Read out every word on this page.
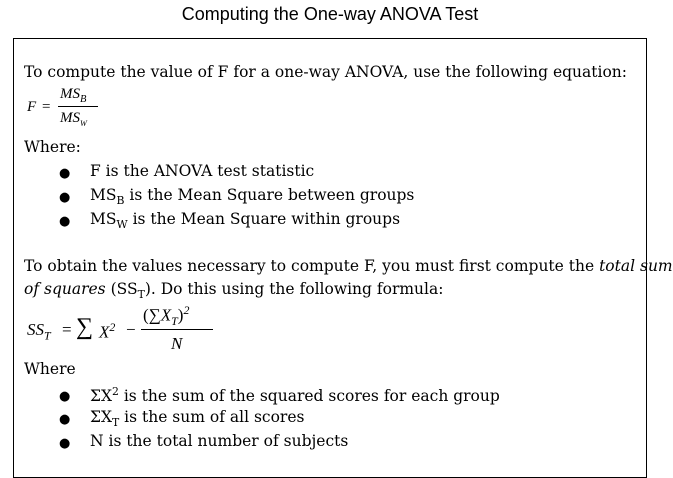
Computing the One-way ANOVA Test
To compute the value of F for a one-way ANOVA, use the following equation:
F =
$MS_B$
$MS_W$
Where:
● F is the ANOVA test statistic
● $MS_B$ is the Mean Square between groups
● $MS_W$ is the Mean Square within groups
To obtain the values necessary to compute F, you must first compute the total sum
of squares $(SS_T)$. Do this using the following formula:
$SS_T$ = ∑ $X^2$ −
$(\sum X_T)^2$
N
Where
● $\Sigma X^2$ is the sum of the squared scores for each group
● $\Sigma X_T$ is the sum of all scores
● N is the total number of subjects
